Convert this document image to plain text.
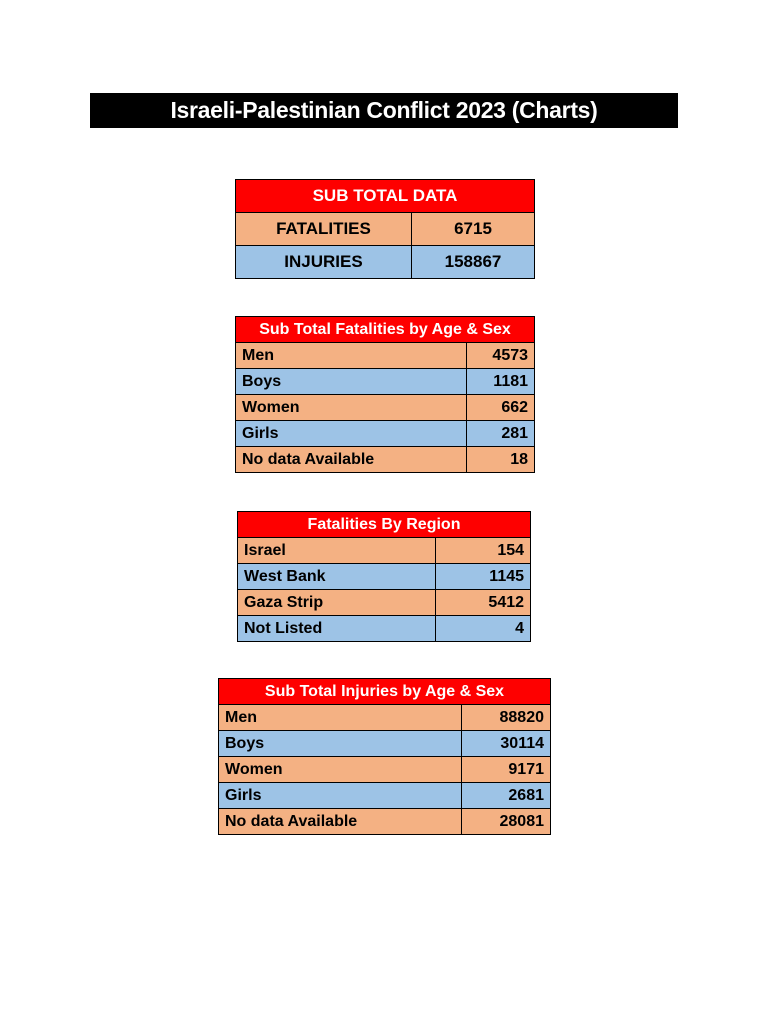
Israeli-Palestinian Conflict 2023 (Charts)
SUB TOTAL DATA	
FATALITIES	6715
INJURIES	158867
Sub Total Fatalities by Age & Sex	
Men	4573
Boys	1181
Women	662
Girls	281
No data Available	18
Fatalities By Region	
Israel	154
West Bank	1145
Gaza Strip	5412
Not Listed	4
Sub Total Injuries by Age & Sex	
Men	88820
Boys	30114
Women	9171
Girls	2681
No data Available	28081
